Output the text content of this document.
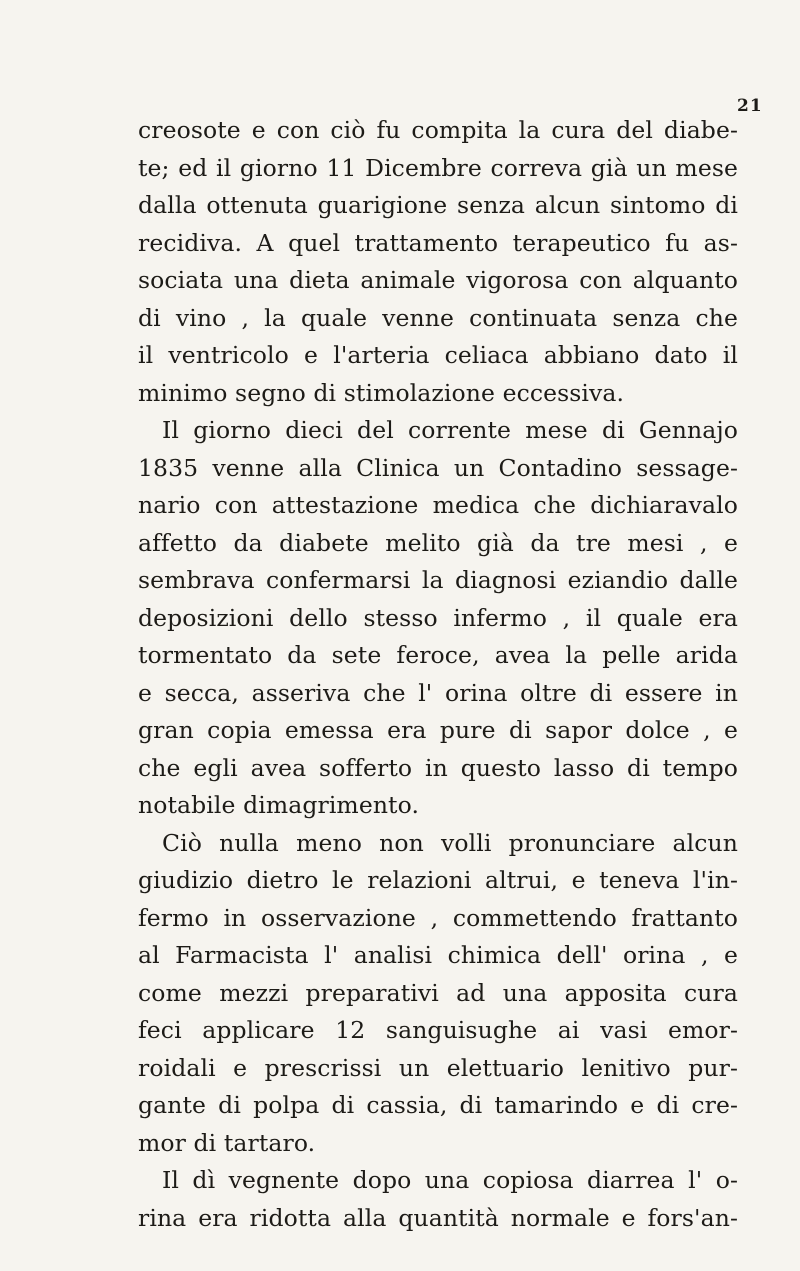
21
creosote e con ciò fu compita la cura del diabe-
te; ed il giorno 11 Dicembre correva già un mese
dalla ottenuta guarigione senza alcun sintomo di
recidiva. A quel trattamento terapeutico fu as-
sociata una dieta animale vigorosa con alquanto
di vino , la quale venne continuata senza che
il ventricolo e l'arteria celiaca abbiano dato il
minimo segno di stimolazione eccessiva.
Il giorno dieci del corrente mese di Gennajo
1835 venne alla Clinica un Contadino sessage-
nario con attestazione medica che dichiaravalo
affetto da diabete melito già da tre mesi , e
sembrava confermarsi la diagnosi eziandio dalle
deposizioni dello stesso infermo , il quale era
tormentato da sete feroce, avea la pelle arida
e secca, asseriva che l' orina oltre di essere in
gran copia emessa era pure di sapor dolce , e
che egli avea sofferto in questo lasso di tempo
notabile dimagrimento.
Ciò nulla meno non volli pronunciare alcun
giudizio dietro le relazioni altrui, e teneva l'in-
fermo in osservazione , commettendo frattanto
al Farmacista l' analisi chimica dell' orina , e
come mezzi preparativi ad una apposita cura
feci applicare 12 sanguisughe ai vasi emor-
roidali e prescrissi un elettuario lenitivo pur-
gante di polpa di cassia, di tamarindo e di cre-
mor di tartaro.
Il dì vegnente dopo una copiosa diarrea l' o-
rina era ridotta alla quantità normale e fors'an-
